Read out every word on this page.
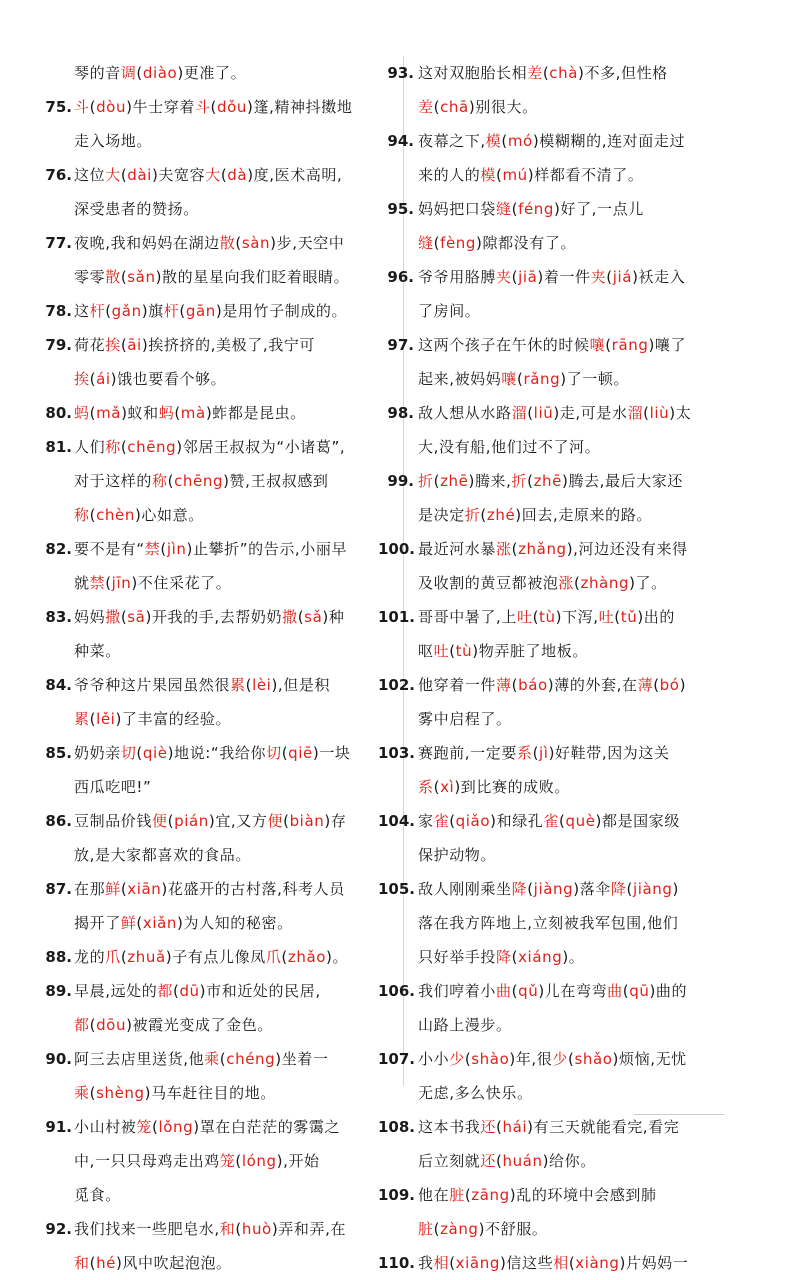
琴的音调(diào)更准了。
75. 斗(dòu)牛士穿着斗(dǒu)篷,精神抖擞地
走入场地。
76. 这位大(dài)夫宽容大(dà)度,医术高明,
深受患者的赞扬。
77. 夜晚,我和妈妈在湖边散(sàn)步,天空中
零零散(sǎn)散的星星向我们眨着眼睛。
78. 这杆(gǎn)旗杆(gān)是用竹子制成的。
79. 荷花挨(āi)挨挤挤的,美极了,我宁可
挨(ái)饿也要看个够。
80. 蚂(mǎ)蚁和蚂(mà)蚱都是昆虫。
81. 人们称(chēng)邻居王叔叔为“小诸葛”,
对于这样的称(chēng)赞,王叔叔感到
称(chèn)心如意。
82. 要不是有“禁(jìn)止攀折”的告示,小丽早
就禁(jīn)不住采花了。
83. 妈妈撒(sā)开我的手,去帮奶奶撒(sǎ)种
种菜。
84. 爷爷种这片果园虽然很累(lèi),但是积
累(lěi)了丰富的经验。
85. 奶奶亲切(qiè)地说:“我给你切(qiē)一块
西瓜吃吧!”
86. 豆制品价钱便(pián)宜,又方便(biàn)存
放,是大家都喜欢的食品。
87. 在那鲜(xiān)花盛开的古村落,科考人员
揭开了鲜(xiǎn)为人知的秘密。
88. 龙的爪(zhuǎ)子有点儿像凤爪(zhǎo)。
89. 早晨,远处的都(dū)市和近处的民居,
都(dōu)被霞光变成了金色。
90. 阿三去店里送货,他乘(chéng)坐着一
乘(shèng)马车赶往目的地。
91. 小山村被笼(lǒng)罩在白茫茫的雾霭之
中,一只只母鸡走出鸡笼(lóng),开始
觅食。
92. 我们找来一些肥皂水,和(huò)弄和弄,在
和(hé)风中吹起泡泡。
93. 这对双胞胎长相差(chà)不多,但性格
差(chā)别很大。
94. 夜幕之下,模(mó)模糊糊的,连对面走过
来的人的模(mú)样都看不清了。
95. 妈妈把口袋缝(féng)好了,一点儿
缝(fèng)隙都没有了。
96. 爷爷用胳膊夹(jiā)着一件夹(jiá)袄走入
了房间。
97. 这两个孩子在午休的时候嚷(rāng)嚷了
起来,被妈妈嚷(rǎng)了一顿。
98. 敌人想从水路溜(liū)走,可是水溜(liù)太
大,没有船,他们过不了河。
99. 折(zhē)腾来,折(zhē)腾去,最后大家还
是决定折(zhé)回去,走原来的路。
100. 最近河水暴涨(zhǎng),河边还没有来得
及收割的黄豆都被泡涨(zhàng)了。
101. 哥哥中暑了,上吐(tù)下泻,吐(tǔ)出的
呕吐(tù)物弄脏了地板。
102. 他穿着一件薄(báo)薄的外套,在薄(bó)
雾中启程了。
103. 赛跑前,一定要系(jì)好鞋带,因为这关
系(xì)到比赛的成败。
104. 家雀(qiǎo)和绿孔雀(què)都是国家级
保护动物。
105. 敌人刚刚乘坐降(jiàng)落伞降(jiàng)
落在我方阵地上,立刻被我军包围,他们
只好举手投降(xiáng)。
106. 我们哼着小曲(qǔ)儿在弯弯曲(qū)曲的
山路上漫步。
107. 小小少(shào)年,很少(shǎo)烦恼,无忧
无虑,多么快乐。
108. 这本书我还(hái)有三天就能看完,看完
后立刻就还(huán)给你。
109. 他在脏(zāng)乱的环境中会感到肺
脏(zàng)不舒服。
110. 我相(xiāng)信这些相(xiàng)片妈妈一
